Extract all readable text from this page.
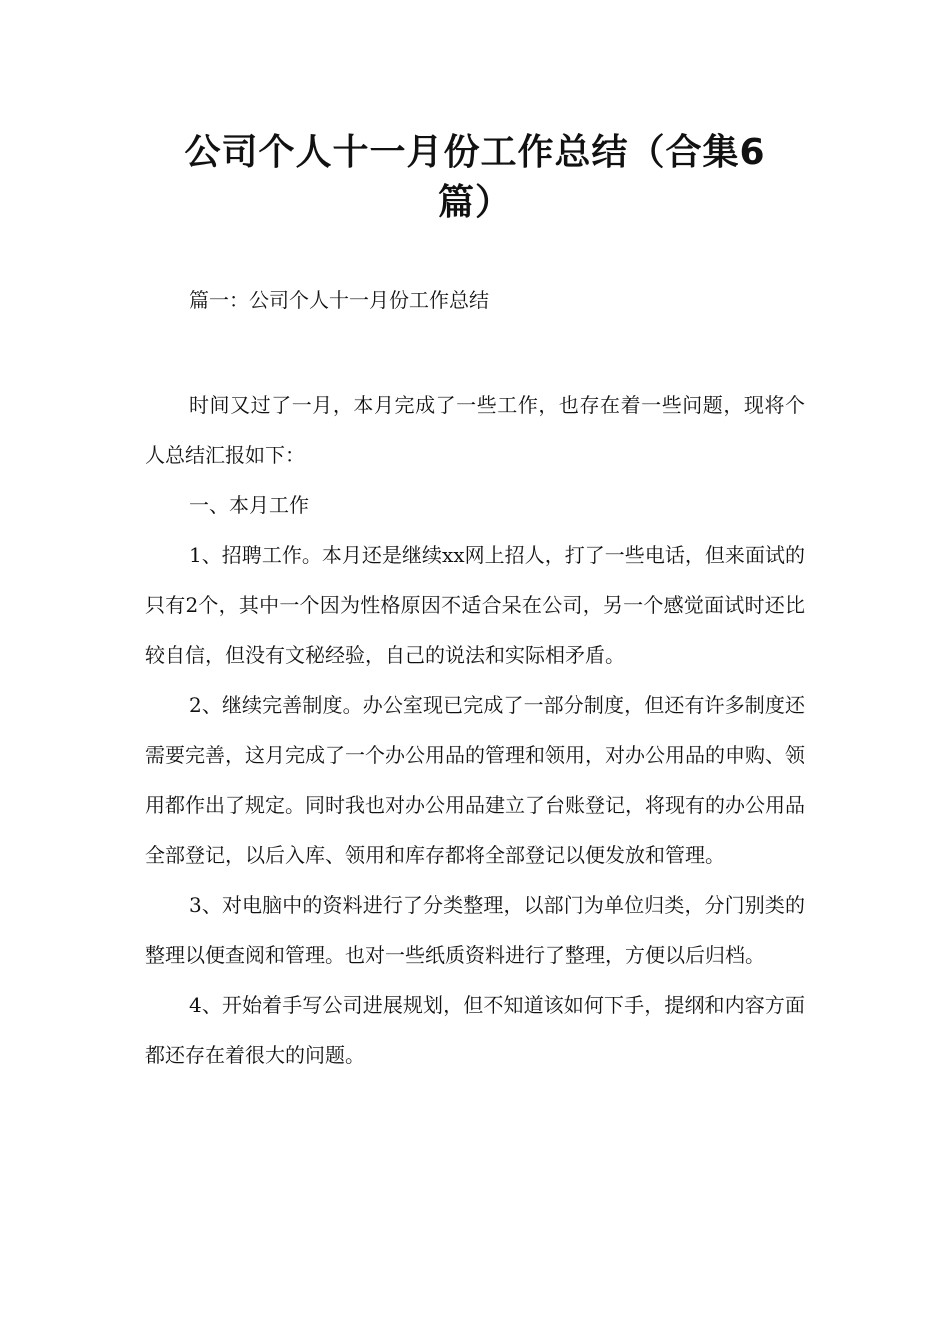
公司个人十一月份工作总结（合集6
篇）
篇一：公司个人十一月份工作总结

时间又过了一月，本月完成了一些工作，也存在着一些问题，现将个人总结汇报如下：

一、本月工作

1、招聘工作。本月还是继续xx网上招人，打了一些电话，但来面试的只有2个，其中一个因为性格原因不适合呆在公司，另一个感觉面试时还比较自信，但没有文秘经验，自己的说法和实际相矛盾。

2、继续完善制度。办公室现已完成了一部分制度，但还有许多制度还需要完善，这月完成了一个办公用品的管理和领用，对办公用品的申购、领用都作出了规定。同时我也对办公用品建立了台账登记，将现有的办公用品全部登记，以后入库、领用和库存都将全部登记以便发放和管理。

3、对电脑中的资料进行了分类整理，以部门为单位归类，分门别类的整理以便查阅和管理。也对一些纸质资料进行了整理，方便以后归档。

4、开始着手写公司进展规划，但不知道该如何下手，提纲和内容方面都还存在着很大的问题。
